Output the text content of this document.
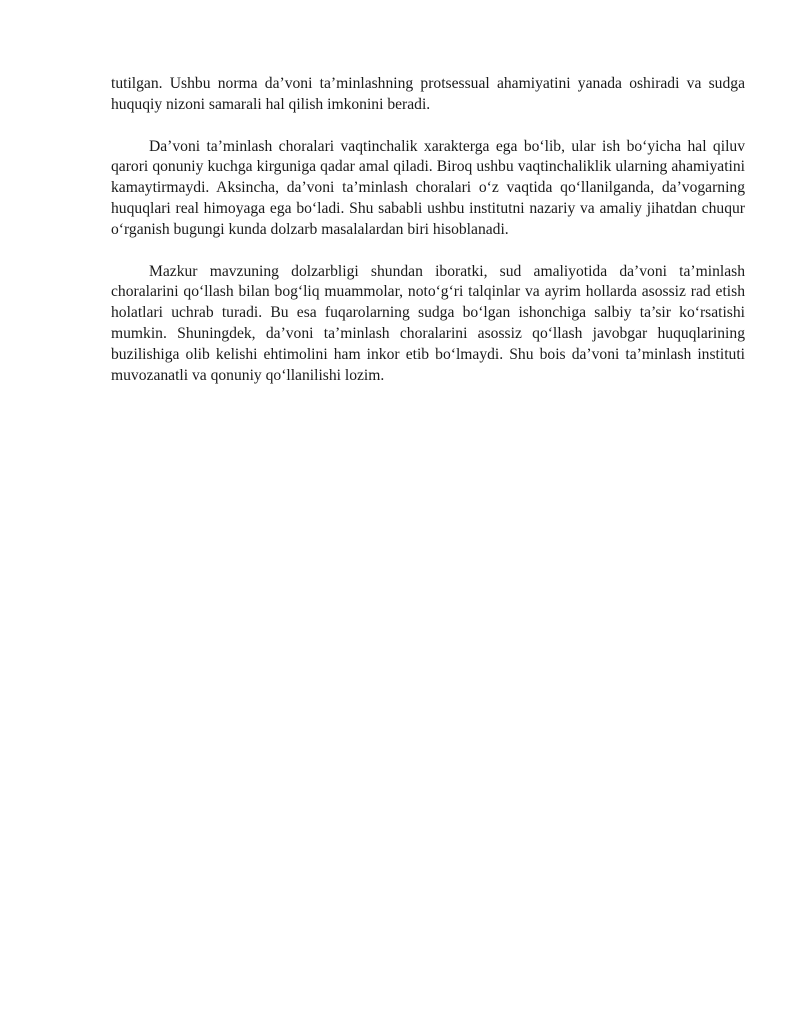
tutilgan. Ushbu norma da’voni ta’minlashning protsessual ahamiyatini yanada oshiradi va sudga huquqiy nizoni samarali hal qilish imkonini beradi.

Da’voni ta’minlash choralari vaqtinchalik xarakterga ega bo‘lib, ular ish bo‘yicha hal qiluv qarori qonuniy kuchga kirguniga qadar amal qiladi. Biroq ushbu vaqtinchaliklik ularning ahamiyatini kamaytirmaydi. Aksincha, da’voni ta’minlash choralari o‘z vaqtida qo‘llanilganda, da’vogarning huquqlari real himoyaga ega bo‘ladi. Shu sababli ushbu institutni nazariy va amaliy jihatdan chuqur o‘rganish bugungi kunda dolzarb masalalardan biri hisoblanadi.

Mazkur mavzuning dolzarbligi shundan iboratki, sud amaliyotida da’voni ta’minlash choralarini qo‘llash bilan bog‘liq muammolar, noto‘g‘ri talqinlar va ayrim hollarda asossiz rad etish holatlari uchrab turadi. Bu esa fuqarolarning sudga bo‘lgan ishonchiga salbiy ta’sir ko‘rsatishi mumkin. Shuningdek, da’voni ta’minlash choralarini asossiz qo‘llash javobgar huquqlarining buzilishiga olib kelishi ehtimolini ham inkor etib bo‘lmaydi. Shu bois da’voni ta’minlash instituti muvozanatli va qonuniy qo‘llanilishi lozim.
